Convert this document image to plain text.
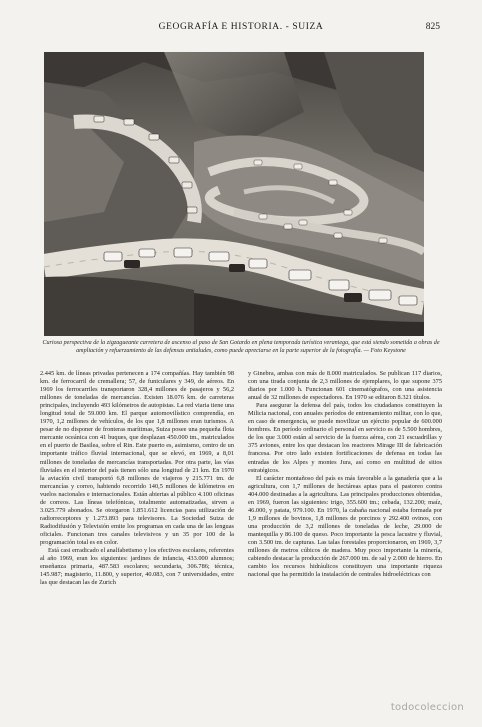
GEOGRAFÍA E HISTORIA. - SUIZA	825
Curiosa perspectiva de la zigzagueante carretera de ascenso al paso de San Gotardo en plena temporada turística veraniega, que está siendo sometida a obras de ampliación y refuerzamiento de las defensas antialudes, como puede apreciarse en la parte superior de la fotografía. — Foto Keystone

2.445 km. de líneas privadas pertenecen a 174 compañías. Hay también 98 km. de ferrocarril de cremallera; 57, de funiculares y 349, de aéreos. En 1969 los ferrocarriles transportaron 328,4 millones de pasajeros y 56,2 millones de toneladas de mercancías. Existen 18.076 km. de carreteras principales, incluyendo 493 kilómetros de autopistas. La red viaria tiene una longitud total de 59.000 km. El parque automovilístico comprendía, en 1970, 1,2 millones de vehículos, de los que 1,8 millones eran turismos. A pesar de no disponer de fronteras marítimas, Suiza posee una pequeña flota mercante oceánica con 41 buques, que desplazan 450.000 tm., matriculados en el puerto de Basilea, sobre el Rin. Este puerto es, asimismo, centro de un importante tráfico fluvial internacional, que se elevó, en 1969, a 8,01 millones de toneladas de mercancías transportadas. Por otra parte, las vías fluviales en el interior del país tienen sólo una longitud de 21 km. En 1970 la aviación civil transportó 6,8 millones de viajeros y 215.771 tm. de mercancías y correo, habiendo recorrido 140,5 millones de kilómetros en vuelos nacionales e internacionales. Están abiertas al público 4.100 oficinas de correos. Las líneas telefónicas, totalmente automatizadas, sirven a 3.025.779 abonados. Se otorgaron 1.851.612 licencias para utilización de radiorreceptores y 1.273.893 para televisores. La Sociedad Suiza de Radiodifusión y Televisión emite los programas en cada una de las lenguas oficiales. Funcionan tres canales televisivos y un 35 por 100 de la programación total es en color.

Está casi erradicado el analfabetismo y los efectivos escolares, referentes al año 1969, eran los siguientes: jardines de infancia, 433.000 alumnos; enseñanza primaria, 487.583 escolares; secundaria, 306.786; técnica, 145.987; magisterio, 11.800, y superior, 40.083, con 7 universidades, entre las que destacan las de Zurich

y Ginebra, ambas con más de 8.000 matriculados. Se publican 117 diarios, con una tirada conjunta de 2,3 millones de ejemplares, lo que supone 375 diarios por 1.000 h. Funcionan 601 cinematógrafos, con una asistencia anual de 32 millones de espectadores. En 1970 se editaron 8.321 títulos.

Para asegurar la defensa del país, todos los ciudadanos constituyen la Milicia nacional, con anuales períodos de entrenamiento militar, con lo que, en caso de emergencia, se puede movilizar un ejército popular de 600.000 hombres. En período ordinario el personal en servicio es de 5.500 hombres, de los que 3.000 están al servicio de la fuerza aérea, con 21 escuadrillas y 375 aviones, entre los que destacan los reactores Mirage III de fabricación francesa. Por otro lado existen fortificaciones de defensa en todas las entradas de los Alpes y montes Jura, así como en multitud de sitios estratégicos.

El carácter montañoso del país es más favorable a la ganadería que a la agricultura, con 1,7 millones de hectáreas aptas para el pastoreo contra 404.000 destinadas a la agricultura. Las principales producciones obtenidas, en 1969, fueron las siguientes: trigo, 355.600 tm.; cebada, 132.200; maíz, 46.000, y patata, 979.100. En 1970, la cabaña nacional estaba formada por 1,9 millones de bovinos, 1,8 millones de porcinos y 292.400 ovinos, con una producción de 3,2 millones de toneladas de leche, 29.000 de mantequilla y 86.100 de queso. Poco importante la pesca lacustre y fluvial, con 3.500 tm. de capturas. Las talas forestales proporcionaron, en 1969, 3,7 millones de metros cúbicos de madera. Muy poco importante la minería, cabiendo destacar la producción de 267.000 tm. de sal y 2.000 de hierro. En cambio los recursos hidráulicos constituyen una importante riqueza nacional que ha permitido la instalación de centrales hidroeléctricas con

todocoleccion
